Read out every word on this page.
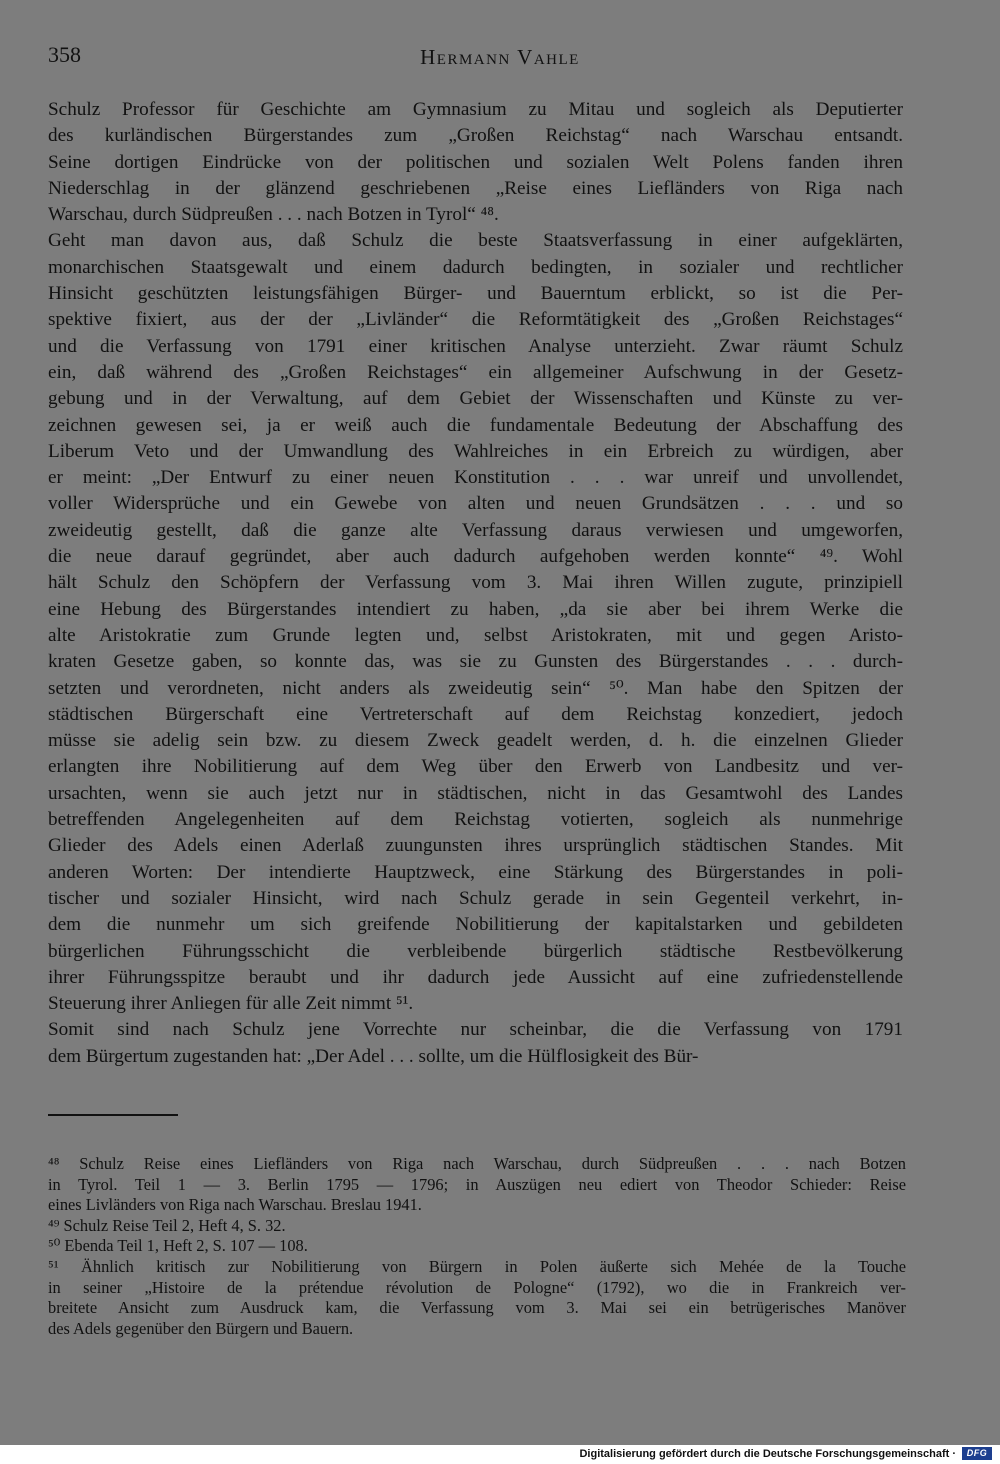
358	Hermann Vahle
Schulz Professor für Geschichte am Gymnasium zu Mitau und sogleich als Deputierter
des kurländischen Bürgerstandes zum „Großen Reichstag“ nach Warschau entsandt.
Seine dortigen Eindrücke von der politischen und sozialen Welt Polens fanden ihren
Niederschlag in der glänzend geschriebenen „Reise eines Liefländers von Riga nach
Warschau, durch Südpreußen . . . nach Botzen in Tyrol“ ⁴⁸.
Geht man davon aus, daß Schulz die beste Staatsverfassung in einer aufgeklärten,
monarchischen Staatsgewalt und einem dadurch bedingten, in sozialer und rechtlicher
Hinsicht geschützten leistungsfähigen Bürger- und Bauerntum erblickt, so ist die Per-
spektive fixiert, aus der der „Livländer“ die Reformtätigkeit des „Großen Reichstages“
und die Verfassung von 1791 einer kritischen Analyse unterzieht. Zwar räumt Schulz
ein, daß während des „Großen Reichstages“ ein allgemeiner Aufschwung in der Gesetz-
gebung und in der Verwaltung, auf dem Gebiet der Wissenschaften und Künste zu ver-
zeichnen gewesen sei, ja er weiß auch die fundamentale Bedeutung der Abschaffung des
Liberum Veto und der Umwandlung des Wahlreiches in ein Erbreich zu würdigen, aber
er meint: „Der Entwurf zu einer neuen Konstitution . . . war unreif und unvollendet,
voller Widersprüche und ein Gewebe von alten und neuen Grundsätzen . . . und so
zweideutig gestellt, daß die ganze alte Verfassung daraus verwiesen und umgeworfen,
die neue darauf gegründet, aber auch dadurch aufgehoben werden konnte“ ⁴⁹. Wohl
hält Schulz den Schöpfern der Verfassung vom 3. Mai ihren Willen zugute, prinzipiell
eine Hebung des Bürgerstandes intendiert zu haben, „da sie aber bei ihrem Werke die
alte Aristokratie zum Grunde legten und, selbst Aristokraten, mit und gegen Aristo-
kraten Gesetze gaben, so konnte das, was sie zu Gunsten des Bürgerstandes . . . durch-
setzten und verordneten, nicht anders als zweideutig sein“ ⁵⁰. Man habe den Spitzen der
städtischen Bürgerschaft eine Vertreterschaft auf dem Reichstag konzediert, jedoch
müsse sie adelig sein bzw. zu diesem Zweck geadelt werden, d. h. die einzelnen Glieder
erlangten ihre Nobilitierung auf dem Weg über den Erwerb von Landbesitz und ver-
ursachten, wenn sie auch jetzt nur in städtischen, nicht in das Gesamtwohl des Landes
betreffenden Angelegenheiten auf dem Reichstag votierten, sogleich als nunmehrige
Glieder des Adels einen Aderlaß zuungunsten ihres ursprünglich städtischen Standes. Mit
anderen Worten: Der intendierte Hauptzweck, eine Stärkung des Bürgerstandes in poli-
tischer und sozialer Hinsicht, wird nach Schulz gerade in sein Gegenteil verkehrt, in-
dem die nunmehr um sich greifende Nobilitierung der kapitalstarken und gebildeten
bürgerlichen Führungsschicht die verbleibende bürgerlich städtische Restbevölkerung
ihrer Führungsspitze beraubt und ihr dadurch jede Aussicht auf eine zufriedenstellende
Steuerung ihrer Anliegen für alle Zeit nimmt ⁵¹.
Somit sind nach Schulz jene Vorrechte nur scheinbar, die die Verfassung von 1791
dem Bürgertum zugestanden hat: „Der Adel . . . sollte, um die Hülflosigkeit des Bür-
⁴⁸ Schulz Reise eines Liefländers von Riga nach Warschau, durch Südpreußen . . . nach Botzen
in Tyrol. Teil 1 — 3. Berlin 1795 — 1796; in Auszügen neu ediert von Theodor Schieder: Reise
eines Livländers von Riga nach Warschau. Breslau 1941.
⁴⁹ Schulz Reise Teil 2, Heft 4, S. 32.
⁵⁰ Ebenda Teil 1, Heft 2, S. 107 — 108.
⁵¹ Ähnlich kritisch zur Nobilitierung von Bürgern in Polen äußerte sich Mehée de la Touche
in seiner „Histoire de la prétendue révolution de Pologne“ (1792), wo die in Frankreich ver-
breitete Ansicht zum Ausdruck kam, die Verfassung vom 3. Mai sei ein betrügerisches Manöver
des Adels gegenüber den Bürgern und Bauern.
Digitalisierung gefördert durch die Deutsche Forschungsgemeinschaft ·	DFG
